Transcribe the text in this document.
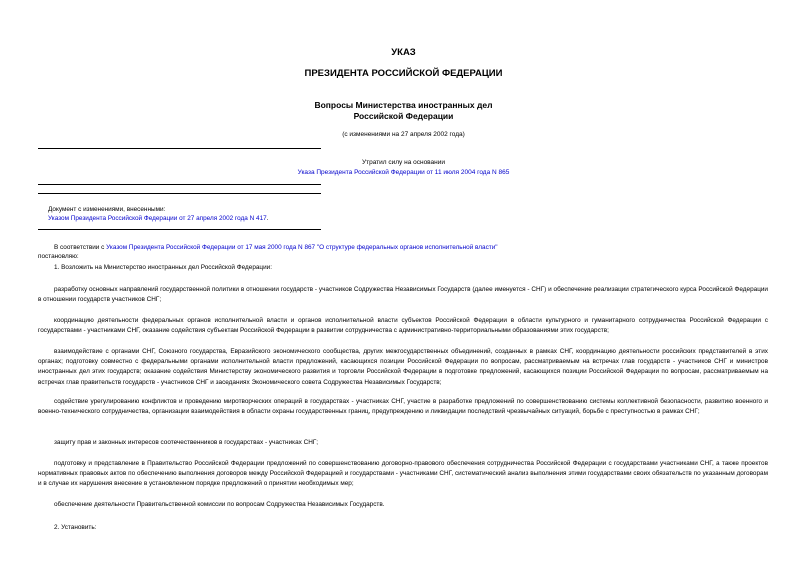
УКАЗ
ПРЕЗИДЕНТА РОССИЙСКОЙ ФЕДЕРАЦИИ
Вопросы Министерства иностранных дел
Российской Федерации
(с изменениями на 27 апреля 2002 года)
Утратил силу на основании
Указа Президента Российской Федерации от 11 июля 2004 года N 865
Документ с изменениями, внесенными:
Указом Президента Российской Федерации от 27 апреля 2002 года N 417.
В соответствии с Указом Президента Российской Федерации от 17 мая 2000 года N 867 "О структуре федеральных органов исполнительной власти"
постановляю:
1. Возложить на Министерство иностранных дел Российской Федерации:
разработку основных направлений государственной политики в отношении государств - участников Содружества Независимых Государств (далее именуется - СНГ) и обеспечение реализации стратегического курса Российской Федерации в отношении государств участников СНГ;
координацию деятельности федеральных органов исполнительной власти и органов исполнительной власти субъектов Российской Федерации в области культурного и гуманитарного сотрудничества Российской Федерации с государствами - участниками СНГ, оказание содействия субъектам Российской Федерации в развитии сотрудничества с административно-территориальными образованиями этих государств;
взаимодействие с органами СНГ, Союзного государства, Евразийского экономического сообщества, других межгосударственных объединений, созданных в рамках СНГ, координацию деятельности российских представителей в этих органах; подготовку совместно с федеральными органами исполнительной власти предложений, касающихся позиции Российской Федерации по вопросам, рассматриваемым на встречах глав государств - участников СНГ и министров иностранных дел этих государств; оказание содействия Министерству экономического развития и торговли Российской Федерации в подготовке предложений, касающихся позиции Российской Федерации по вопросам, рассматриваемым на встречах глав правительств государств - участников СНГ и заседаниях Экономического совета Содружества Независимых Государств;
содействие урегулированию конфликтов и проведению миротворческих операций в государствах - участниках СНГ, участие в разработке предложений по совершенствованию системы коллективной безопасности, развитию военного и военно-технического сотрудничества, организации взаимодействия в области охраны государственных границ, предупреждению и ликвидации последствий чрезвычайных ситуаций, борьбе с преступностью в рамках СНГ;
защиту прав и законных интересов соотечественников в государствах - участниках СНГ;
подготовку и представление в Правительство Российской Федерации предложений по совершенствованию договорно-правового обеспечения сотрудничества Российской Федерации с государствами участниками СНГ, а также проектов нормативных правовых актов по обеспечению выполнения договоров между Российской Федерацией и государствами - участниками СНГ, систематический анализ выполнения этими государствами своих обязательств по указанным договорам и в случае их нарушения внесение в установленном порядке предложений о принятии необходимых мер;
обеспечение деятельности Правительственной комиссии по вопросам Содружества Независимых Государств.
2. Установить:
